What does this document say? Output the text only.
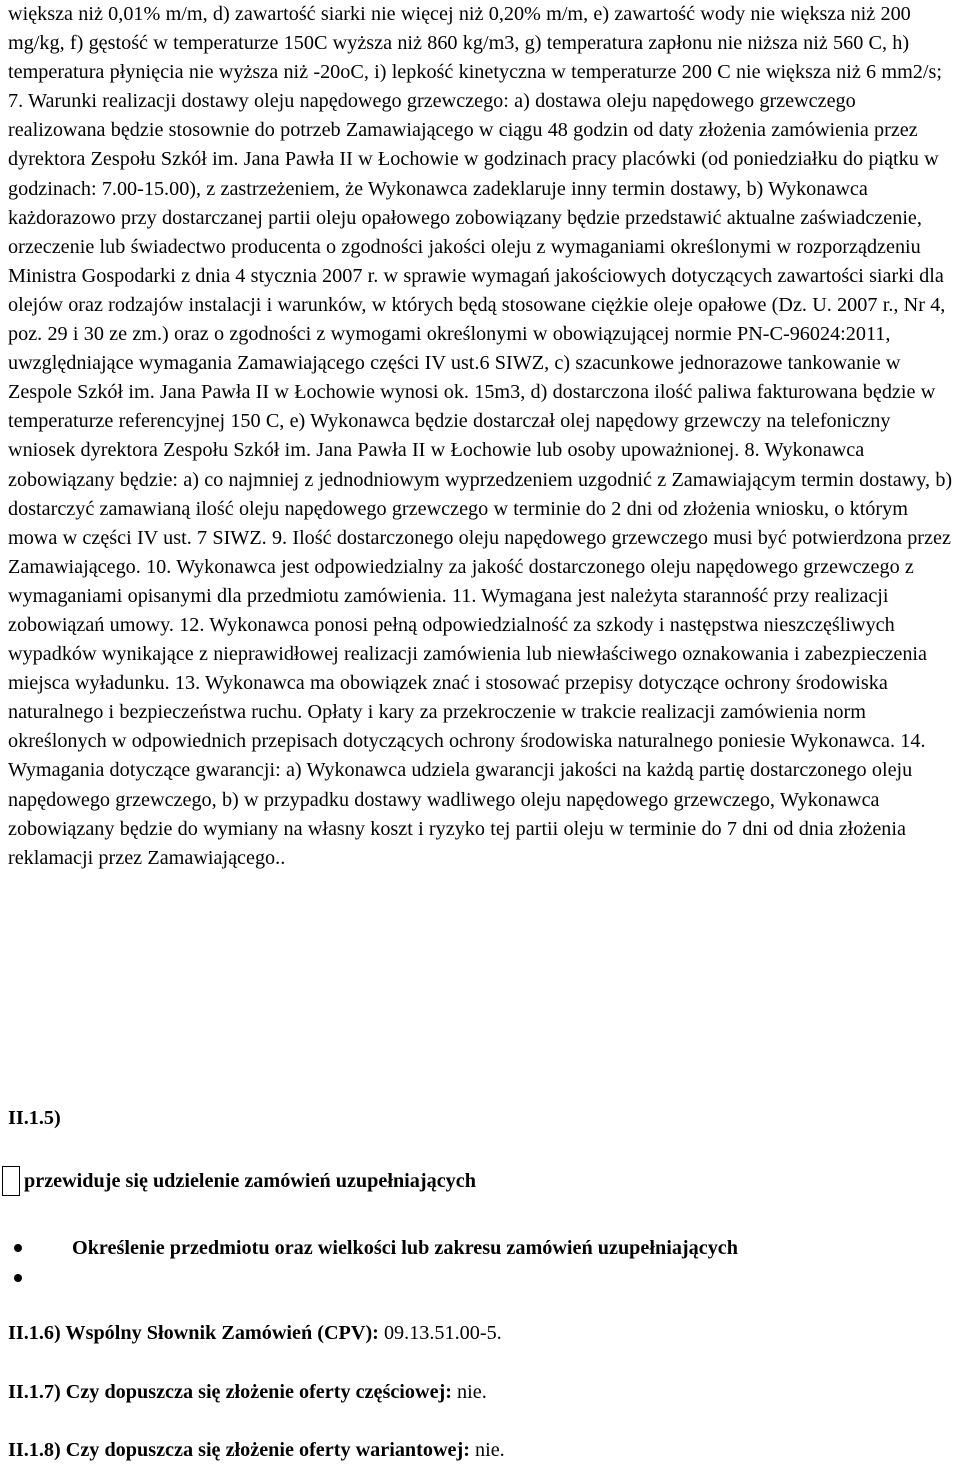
większa niż 0,01% m/m, d) zawartość siarki nie więcej niż 0,20% m/m, e) zawartość wody nie większa niż 200 mg/kg, f) gęstość w temperaturze 150C wyższa niż 860 kg/m3, g) temperatura zapłonu nie niższa niż 560 C, h) temperatura płynięcia nie wyższa niż -20oC, i) lepkość kinetyczna w temperaturze 200 C nie większa niż 6 mm2/s; 7. Warunki realizacji dostawy oleju napędowego grzewczego: a) dostawa oleju napędowego grzewczego realizowana będzie stosownie do potrzeb Zamawiającego w ciągu 48 godzin od daty złożenia zamówienia przez dyrektora Zespołu Szkół im. Jana Pawła II w Łochowie w godzinach pracy placówki (od poniedziałku do piątku w godzinach: 7.00-15.00), z zastrzeżeniem, że Wykonawca zadeklaruje inny termin dostawy, b) Wykonawca każdorazowo przy dostarczanej partii oleju opałowego zobowiązany będzie przedstawić aktualne zaświadczenie, orzeczenie lub świadectwo producenta o zgodności jakości oleju z wymaganiami określonymi w rozporządzeniu Ministra Gospodarki z dnia 4 stycznia 2007 r. w sprawie wymagań jakościowych dotyczących zawartości siarki dla olejów oraz rodzajów instalacji i warunków, w których będą stosowane ciężkie oleje opałowe (Dz. U. 2007 r., Nr 4, poz. 29 i 30 ze zm.) oraz o zgodności z wymogami określonymi w obowiązującej normie PN-C-96024:2011, uwzględniające wymagania Zamawiającego części IV ust.6 SIWZ, c) szacunkowe jednorazowe tankowanie w Zespole Szkół im. Jana Pawła II w Łochowie wynosi ok. 15m3, d) dostarczona ilość paliwa fakturowana będzie w temperaturze referencyjnej 150 C, e) Wykonawca będzie dostarczał olej napędowy grzewczy na telefoniczny wniosek dyrektora Zespołu Szkół im. Jana Pawła II w Łochowie lub osoby upoważnionej. 8. Wykonawca zobowiązany będzie: a) co najmniej z jednodniowym wyprzedzeniem uzgodnić z Zamawiającym termin dostawy, b) dostarczyć zamawianą ilość oleju napędowego grzewczego w terminie do 2 dni od złożenia wniosku, o którym mowa w części IV ust. 7 SIWZ. 9. Ilość dostarczonego oleju napędowego grzewczego musi być potwierdzona przez Zamawiającego. 10. Wykonawca jest odpowiedzialny za jakość dostarczonego oleju napędowego grzewczego z wymaganiami opisanymi dla przedmiotu zamówienia. 11. Wymagana jest należyta staranność przy realizacji zobowiązań umowy. 12. Wykonawca ponosi pełną odpowiedzialność za szkody i następstwa nieszczęśliwych wypadków wynikające z nieprawidłowej realizacji zamówienia lub niewłaściwego oznakowania i zabezpieczenia miejsca wyładunku. 13. Wykonawca ma obowiązek znać i stosować przepisy dotyczące ochrony środowiska naturalnego i bezpieczeństwa ruchu. Opłaty i kary za przekroczenie w trakcie realizacji zamówienia norm określonych w odpowiednich przepisach dotyczących ochrony środowiska naturalnego poniesie Wykonawca. 14. Wymagania dotyczące gwarancji: a) Wykonawca udziela gwarancji jakości na każdą partię dostarczonego oleju napędowego grzewczego, b) w przypadku dostawy wadliwego oleju napędowego grzewczego, Wykonawca zobowiązany będzie do wymiany na własny koszt i ryzyko tej partii oleju w terminie do 7 dni od dnia złożenia reklamacji przez Zamawiającego..

II.1.5)

przewiduje się udzielenie zamówień uzupełniających
Określenie przedmiotu oraz wielkości lub zakresu zamówień uzupełniających

II.1.6) Wspólny Słownik Zamówień (CPV): 09.13.51.00-5.

II.1.7) Czy dopuszcza się złożenie oferty częściowej: nie.

II.1.8) Czy dopuszcza się złożenie oferty wariantowej: nie.
